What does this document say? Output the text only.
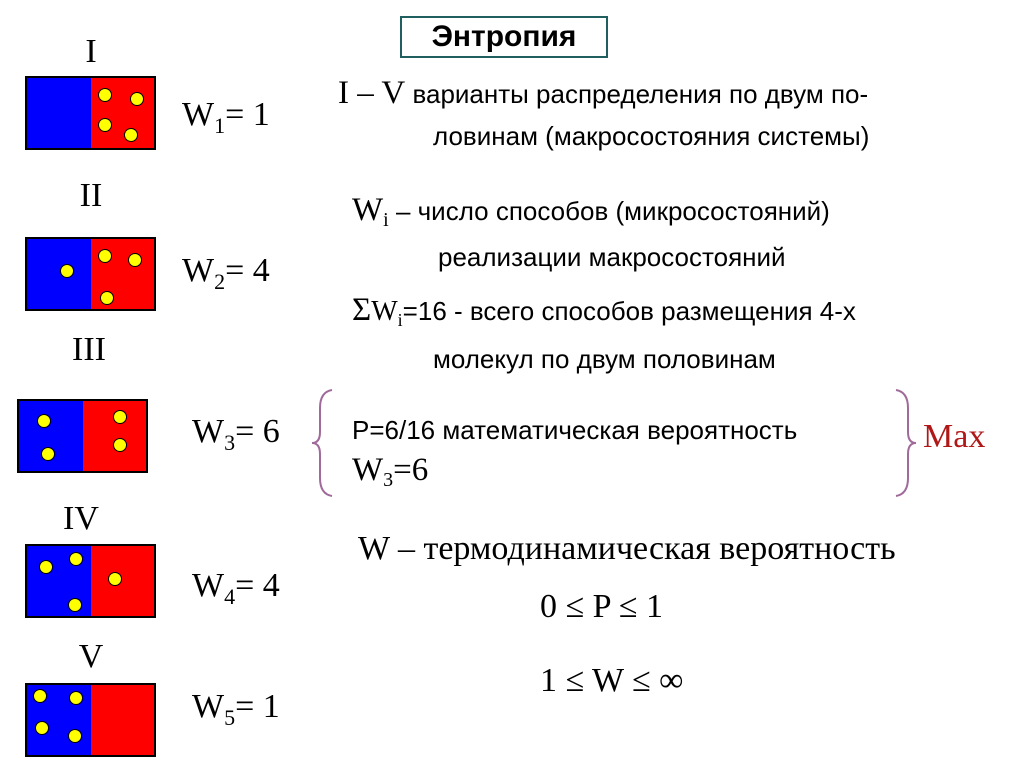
Энтропия
I
$W_1= 1$
II
$W_2= 4$
III
$W_3= 6$
IV
$W_4= 4$
V
$W_5= 1$
I – V варианты распределения по двум по-
ловинам (макросостояния системы)
$W_i$ – число способов (микросостояний)
реализации макросостояний
$\Sigma W_i=16$ - всего способов размещения 4-х
молекул по двум половинам
P=6/16 математическая вероятность
$W_3=6$
Max
W – термодинамическая вероятность
0 ≤ P ≤ 1
1 ≤ W ≤ ∞
